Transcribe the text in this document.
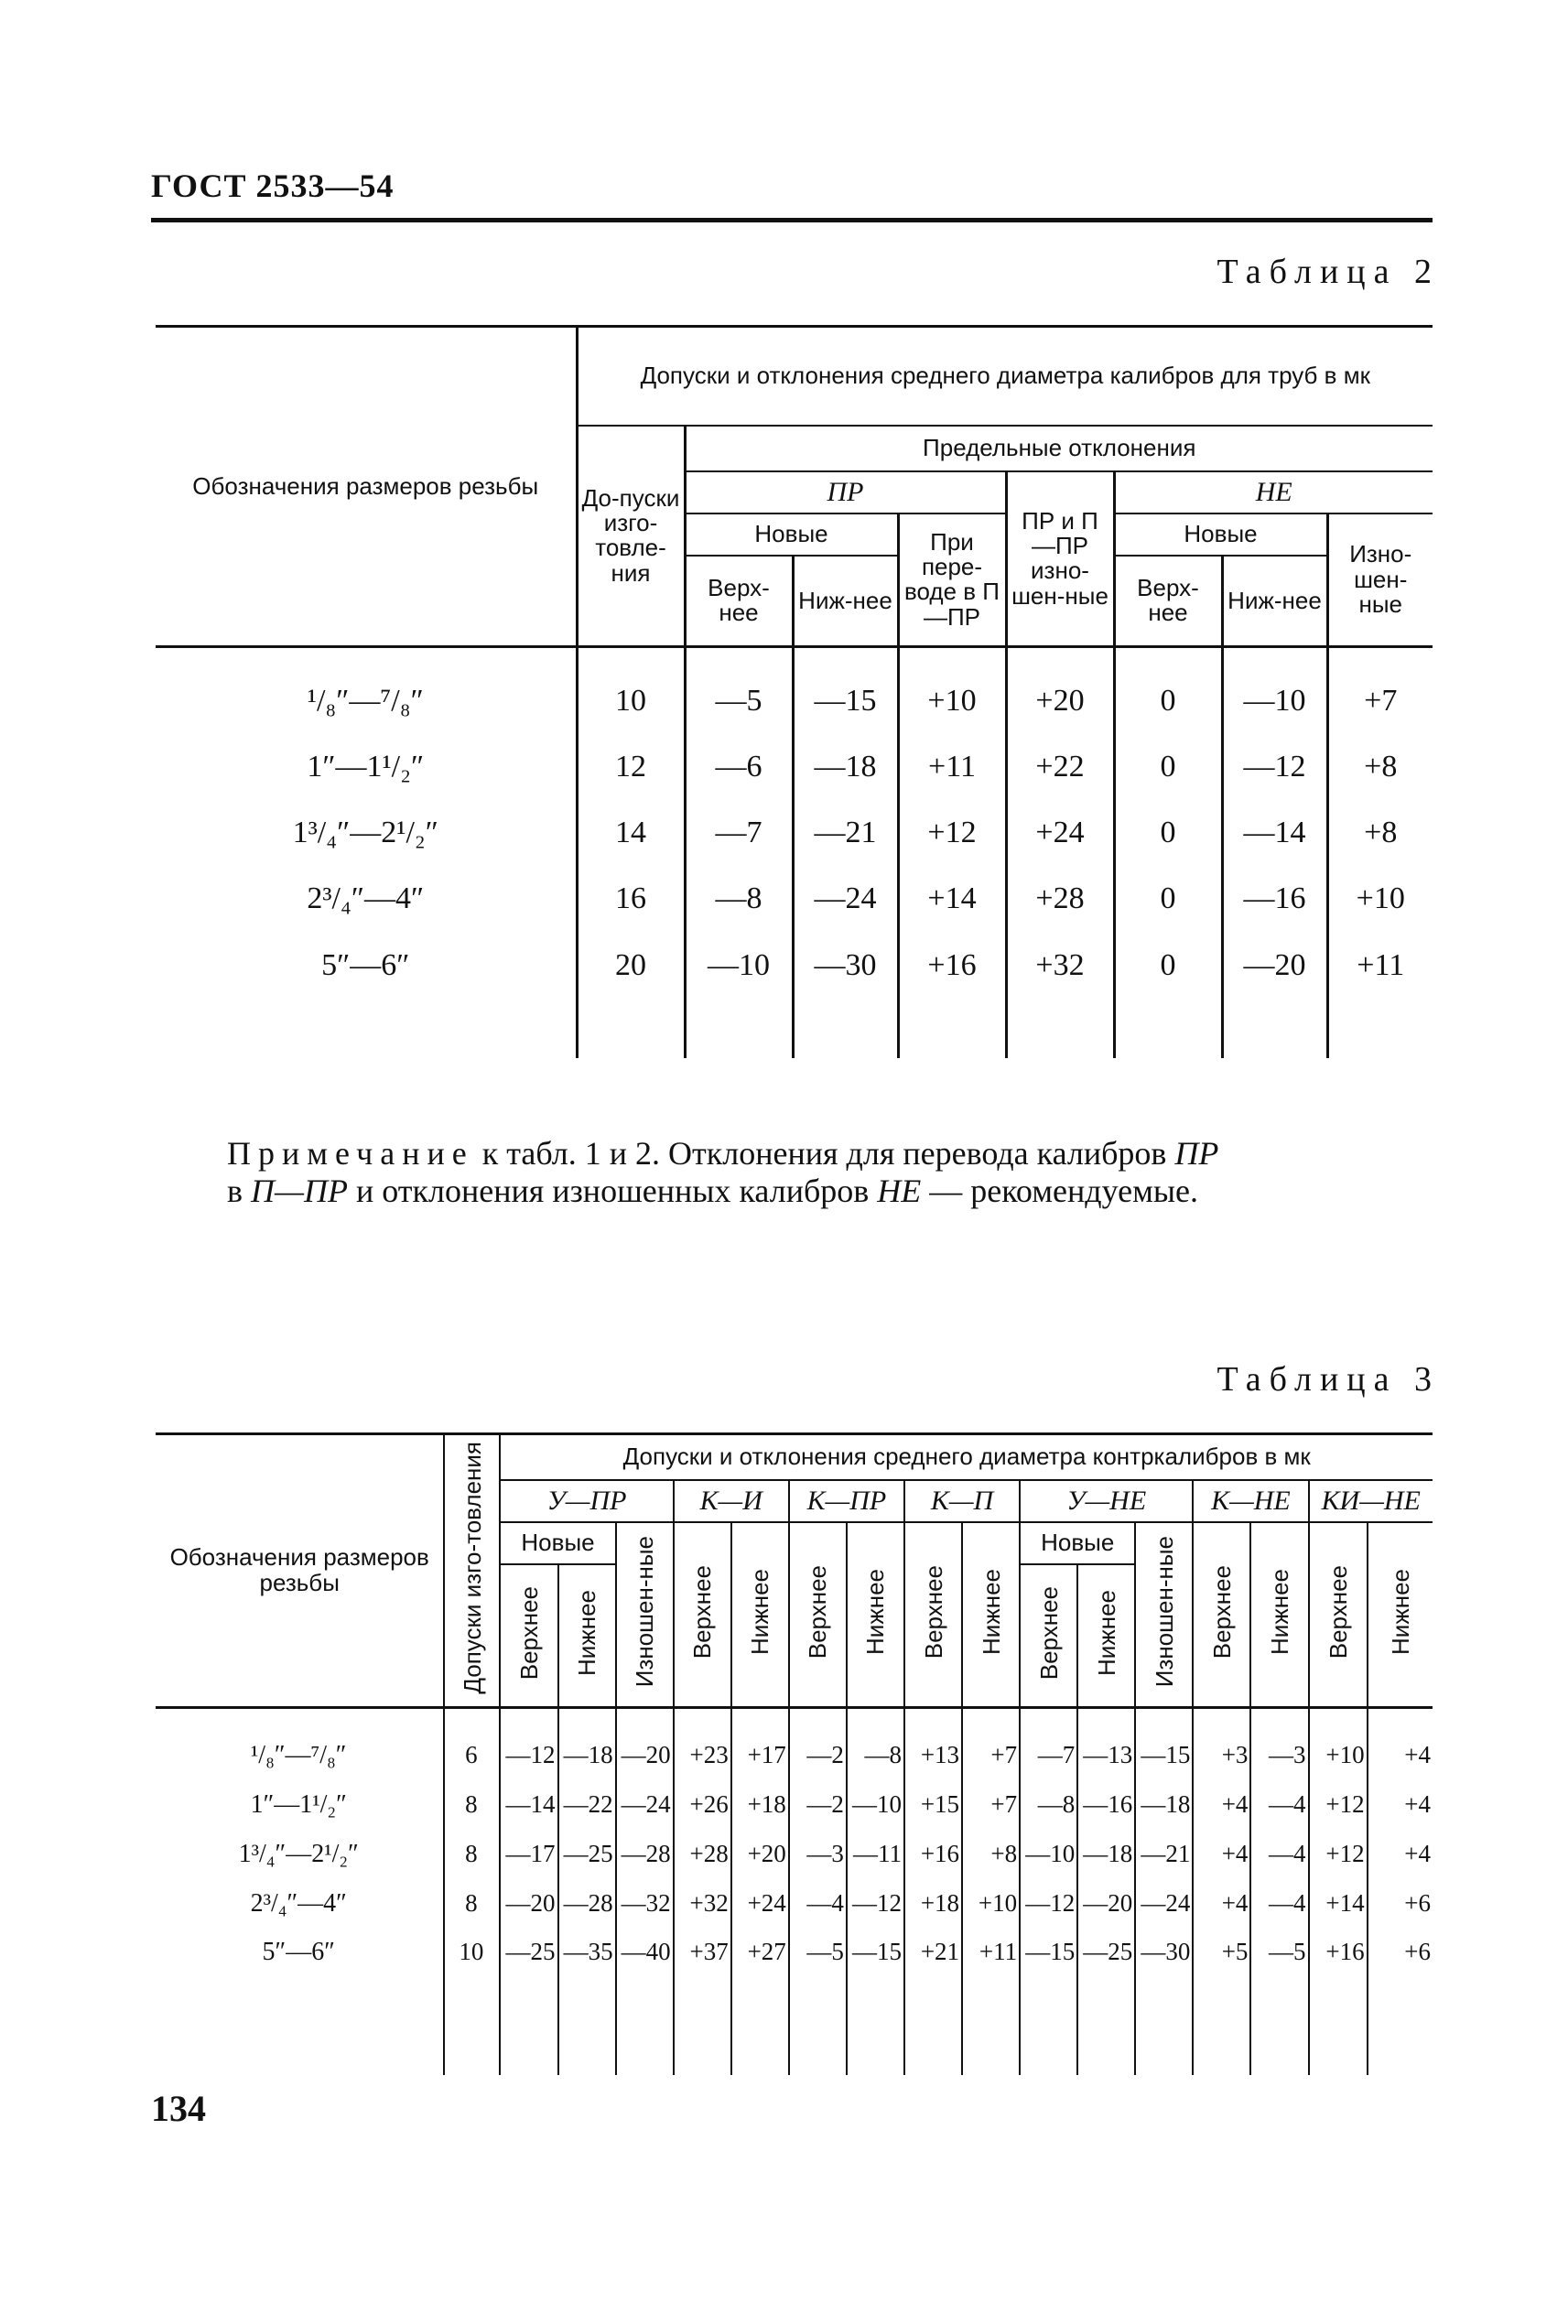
ГОСТ 2533—54
Таблица 2
Обозначения размеров резьбы	Допуски и отклонения среднего диаметра калибров для труб в мк							
	До-пуски изго-товле-ния	Предельные отклонения						
		ПР			ПР и П—ПР изно-шен-ные	НЕ		
		Новые		При пере-воде в П—ПР		Новые		Изно-шен-ные
		Верх-нее	Ниж-нее			Верх-нее	Ниж-нее	
¹/₈″—⁷/₈″	10	—5	—15	+10	+20	0	—10	+7
1″—1¹/₂″	12	—6	—18	+11	+22	0	—12	+8
1³/₄″—2¹/₂″	14	—7	—21	+12	+24	0	—14	+8
2³/₄″—4″	16	—8	—24	+14	+28	0	—16	+10
5″—6″	20	—10	—30	+16	+32	0	—20	+11
Примечание к табл. 1 и 2. Отклонения для перевода калибров ПР
в П—ПР и отклонения изношенных калибров НЕ — рекомендуемые.
Таблица 3
Обозначения размеров резьбы	Допуски изго-товления	Допуски и отклонения среднего диаметра контркалибров в мк															
		У—ПР			К—И		К—ПР		К—П		У—НЕ			К—НЕ		КИ—НЕ	
		Новые		Изношен-ные	Верхнее	Нижнее	Верхнее	Нижнее	Верхнее	Нижнее	Новые		Изношен-ные	Верхнее	Нижнее	Верхнее	Нижнее
		Верхнее	Нижнее								Верхнее	Нижнее					
¹/₈″—⁷/₈″	6	—12	—18	—20	+23	+17	—2	—8	+13	+7	—7	—13	—15	+3	—3	+10	+4
1″—1¹/₂″	8	—14	—22	—24	+26	+18	—2	—10	+15	+7	—8	—16	—18	+4	—4	+12	+4
1³/₄″—2¹/₂″	8	—17	—25	—28	+28	+20	—3	—11	+16	+8	—10	—18	—21	+4	—4	+12	+4
2³/₄″—4″	8	—20	—28	—32	+32	+24	—4	—12	+18	+10	—12	—20	—24	+4	—4	+14	+6
5″—6″	10	—25	—35	—40	+37	+27	—5	—15	+21	+11	—15	—25	—30	+5	—5	+16	+6
134
